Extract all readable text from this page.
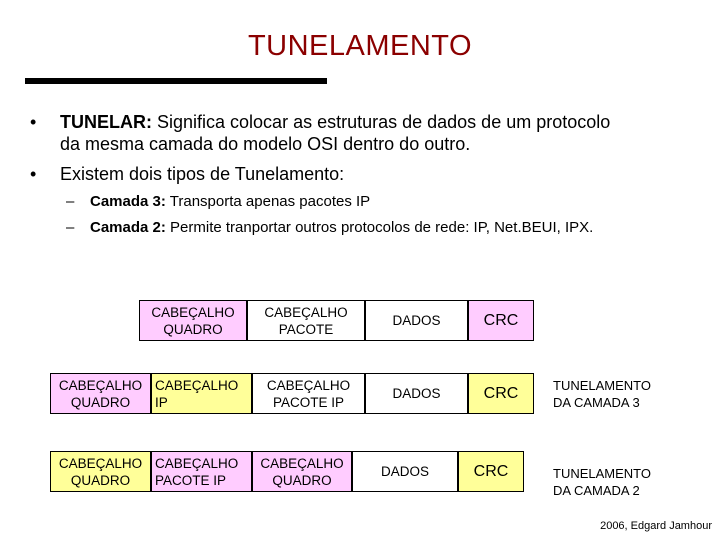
TUNELAMENTO
• TUNELAR: Significa colocar as estruturas de dados de um protocolo
da mesma camada do modelo OSI dentro do outro.
• Existem dois tipos de Tunelamento:
– Camada 3: Transporta apenas pacotes IP
– Camada 2: Permite tranportar outros protocolos de rede: IP, Net.BEUI, IPX.
CABEÇALHO
QUADRO
CABEÇALHO
PACOTE
DADOS	CRC
CABEÇALHO
QUADRO
CABEÇALHO
IP
CABEÇALHO
PACOTE IP
DADOS	CRC	TUNELAMENTO
DA CAMADA 3
CABEÇALHO
QUADRO
CABEÇALHO
PACOTE IP
CABEÇALHO
QUADRO
DADOS	CRC	TUNELAMENTO
DA CAMADA 2
2006, Edgard Jamhour
